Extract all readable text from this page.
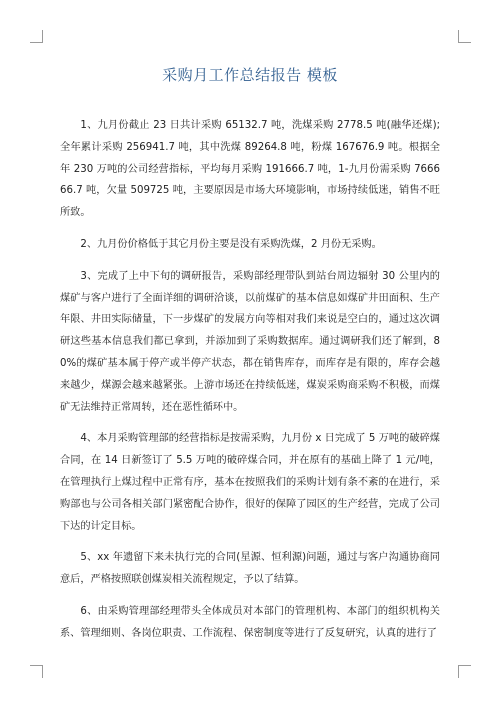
采购月工作总结报告 模板

1、九月份截止 23 日共计采购 65132.7 吨，洗煤采购 2778.5 吨(融华还煤);全年累计采购 256941.7 吨，其中洗煤 89264.8 吨，粉煤 167676.9 吨。根据全年 230 万吨的公司经营指标，平均每月采购 191666.7 吨，1-九月份需采购 766666.7 吨，欠量 509725 吨，主要原因是市场大环境影响，市场持续低迷，销售不旺所致。

2、九月份价格低于其它月份主要是没有采购洗煤，2 月份无采购。

3、完成了上中下旬的调研报告，采购部经理带队到站台周边辐射 30 公里内的煤矿与客户进行了全面详细的调研洽谈，以前煤矿的基本信息如煤矿井田面积、生产年限、井田实际储量，下一步煤矿的发展方向等相对我们来说是空白的，通过这次调研这些基本信息我们都已拿到，并添加到了采购数据库。通过调研我们还了解到，80%的煤矿基本属于停产或半停产状态，都在销售库存，而库存是有限的，库存会越来越少，煤源会越来越紧张。上游市场还在持续低迷，煤炭采购商采购不积极，而煤矿无法维持正常周转，还在恶性循环中。

4、本月采购管理部的经营指标是按需采购，九月份 x 日完成了 5 万吨的破碎煤合同，在 14 日新签订了 5.5 万吨的破碎煤合同，并在原有的基础上降了 1 元/吨，在管理执行上煤过程中正常有序，基本在按照我们的采购计划有条不紊的在进行，采购部也与公司各相关部门紧密配合协作，很好的保障了园区的生产经营，完成了公司下达的计定目标。

5、xx 年遗留下来未执行完的合同(星源、恒利源)问题，通过与客户沟通协商同意后，严格按照联创煤炭相关流程规定，予以了结算。

6、由采购管理部经理带头全体成员对本部门的管理机构、本部门的组织机构关系、管理细则、各岗位职责、工作流程、保密制度等进行了反复研究，认真的进行了
